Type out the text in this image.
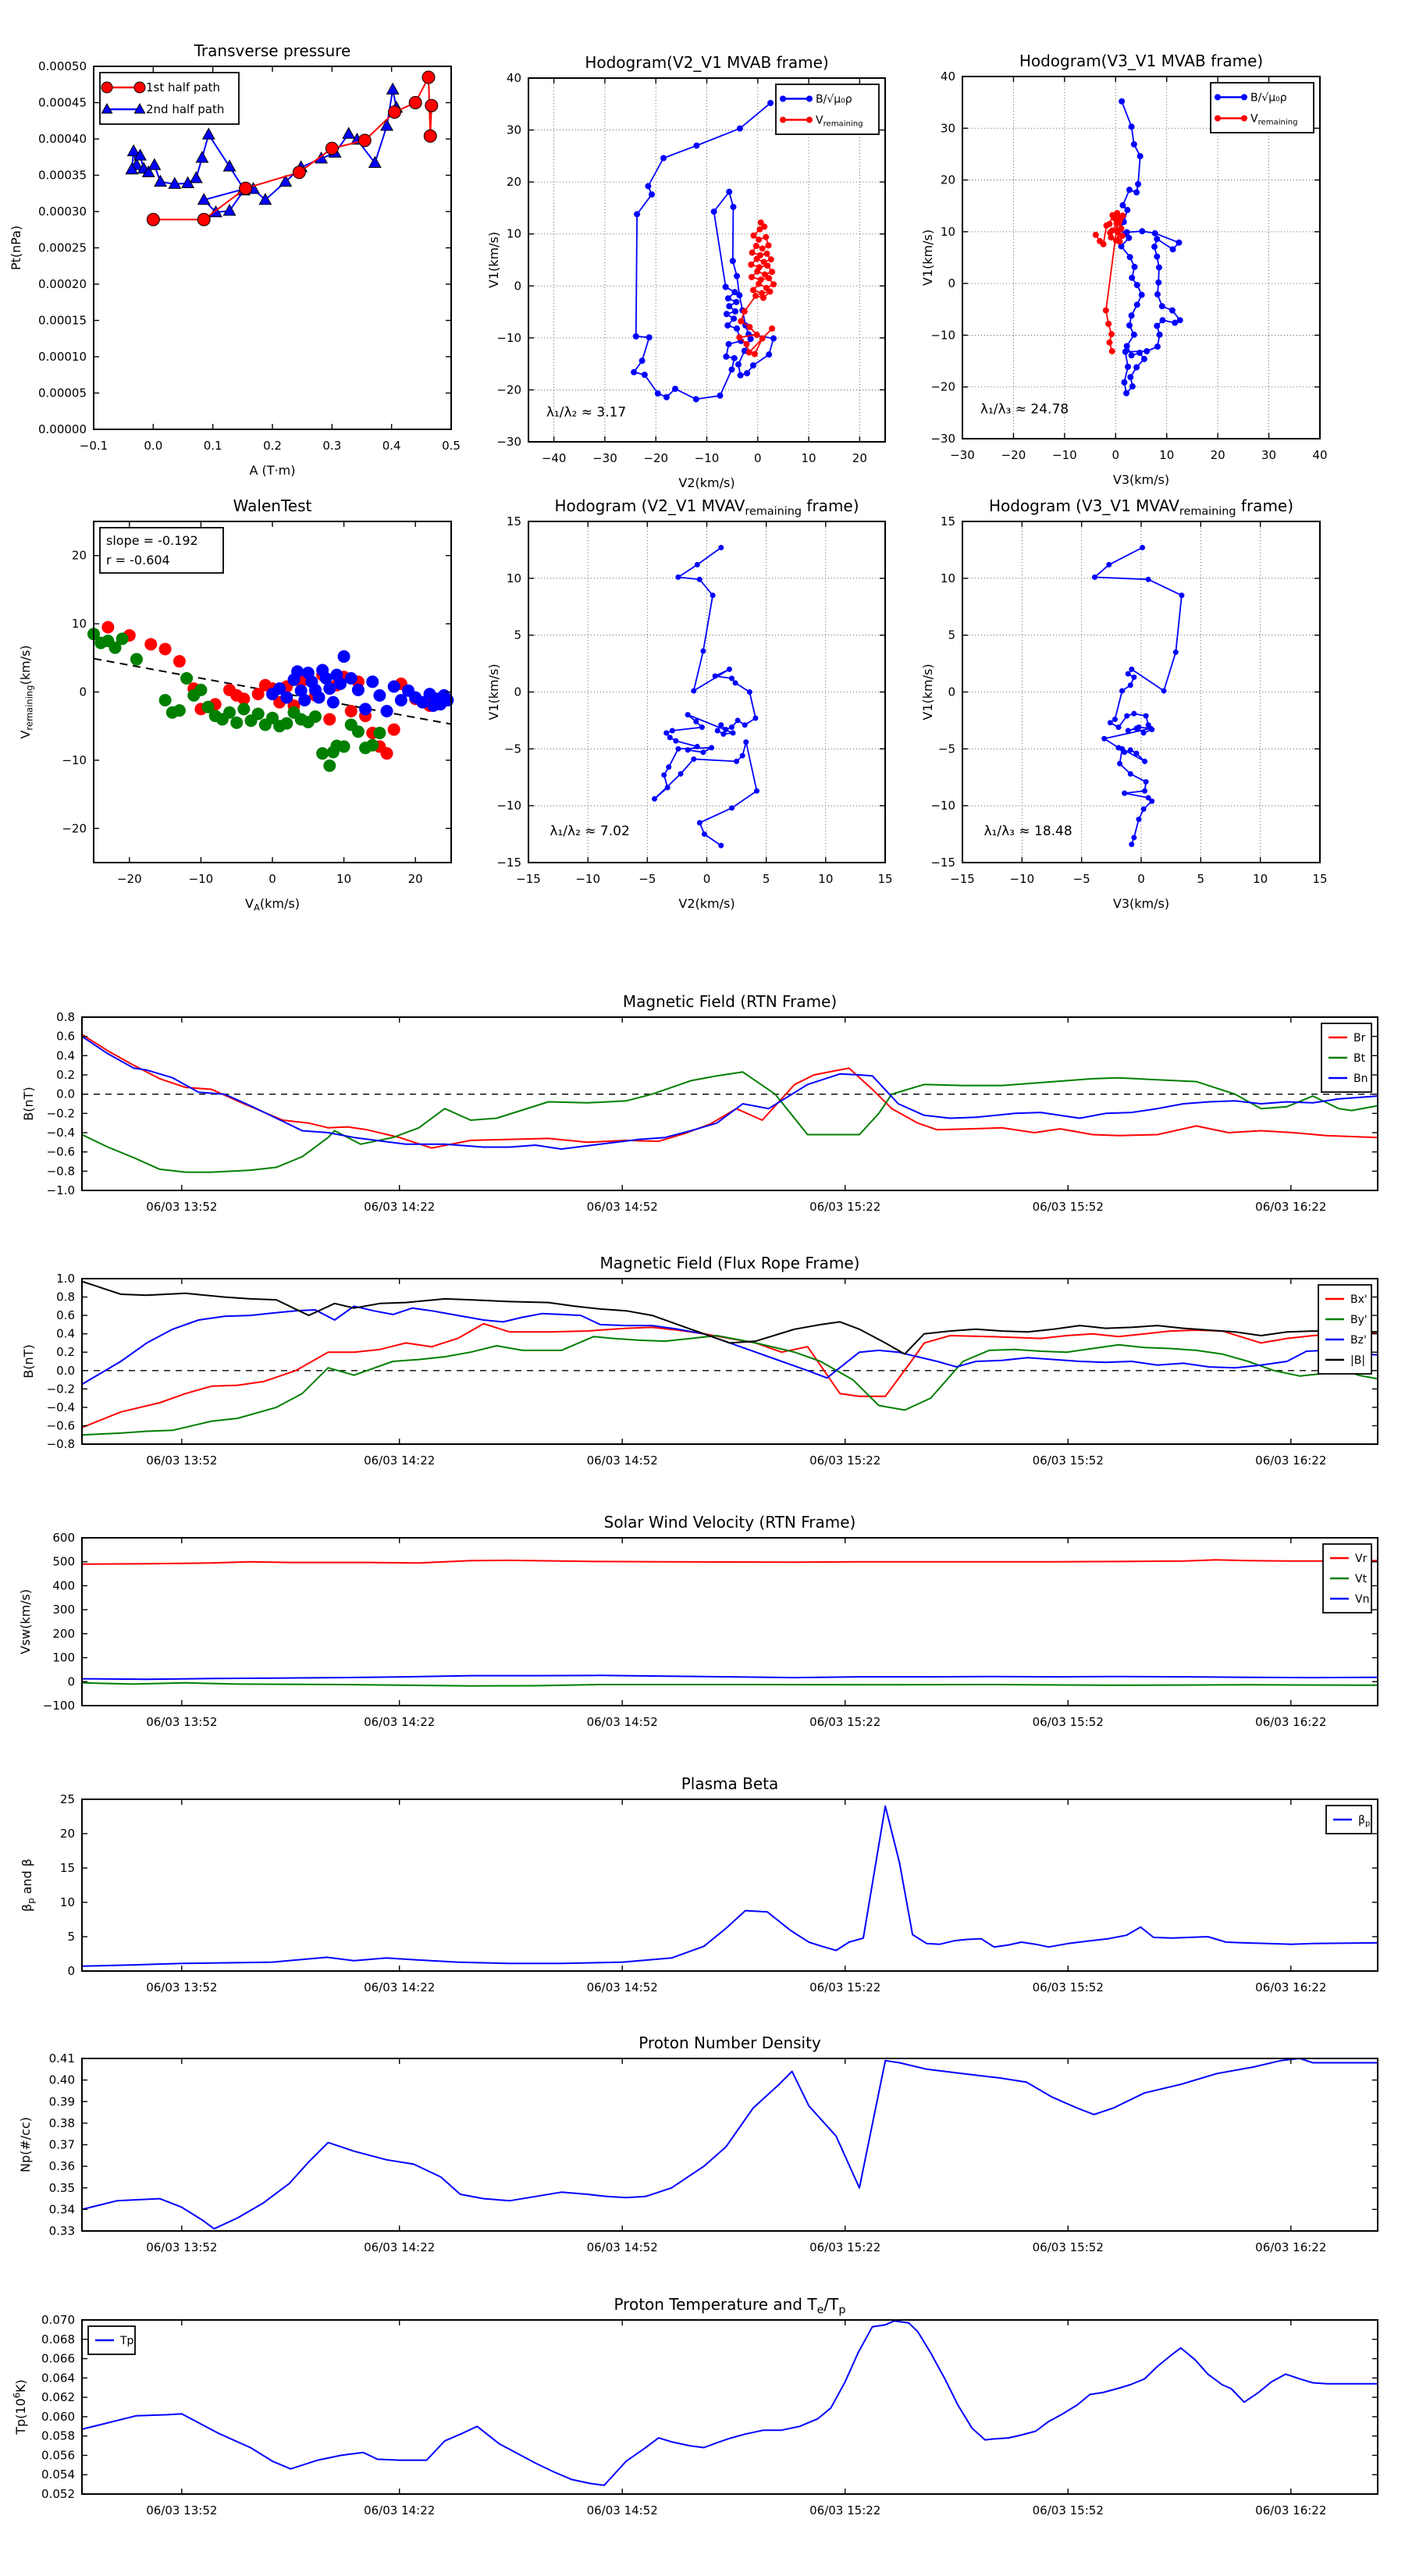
−0.1	0.0	0.1	0.2	0.3	0.4	0.5
0.00000
0.00005
0.00010
0.00015
0.00020
0.00025
0.00030
0.00035
0.00040
0.00045
0.00050
Transverse pressure
A (T·m)
Pt(nPa)
1st half path
2nd half path
−40 −30 −20 −10	0	10	20
−30
−20
−10
0
10
20
30
40
Hodogram(V2_V1 MVAB frame)
V2(km/s)
V1(km/s)
λ₁/λ₂ ≈ 3.17
B/√μ₀ρ
$V_{remaining}$
−30 −20 −10	0	10	20	30	40
−30
−20
−10
0
10
20
30
40
Hodogram(V3_V1 MVAB frame)
V3(km/s)
V1(km/s)
λ₁/λ₃ ≈ 24.78
B/√μ₀ρ
$V_{remaining}$
−20	−10	0	10	20
−20
−10
0
10
20
WalenTest
$V_A(km/s)$
$V_{remaining}(km/s)$
slope = -0.192
r = -0.604
−15	−10	−5	0	5	10	15
−15
−10
−5
0
5
10
15
Hodogram (V2_V1 $MVAV_{remaining}$ frame)
V2(km/s)
V1(km/s)
λ₁/λ₂ ≈ 7.02
−15	−10	−5	0	5	10	15
−15
−10
−5
0
5
10
15
Hodogram (V3_V1 $MVAV_{remaining}$ frame)
V3(km/s)
V1(km/s)
λ₁/λ₃ ≈ 18.48
06/03 13:52	06/03 14:22	06/03 14:52	06/03 15:22	06/03 15:52	06/03 16:22
−1.0
−0.8
−0.6
−0.4
−0.2
0.0
0.2
0.4
0.6
0.8
Magnetic Field (RTN Frame)
B(nT)
Br
Bt
Bn
06/03 13:52	06/03 14:22	06/03 14:52	06/03 15:22	06/03 15:52	06/03 16:22
−0.8
−0.6
−0.4
−0.2
0.0
0.2
0.4
0.6
0.8
1.0
Magnetic Field (Flux Rope Frame)
B(nT)
Bx'
By'
Bz'
|B|
06/03 13:52	06/03 14:22	06/03 14:52	06/03 15:22	06/03 15:52	06/03 16:22
−100
0
100
200
300
400
500
600
Solar Wind Velocity (RTN Frame)
Vsw(km/s)
Vr
Vt
Vn
06/03 13:52	06/03 14:22	06/03 14:52	06/03 15:22	06/03 15:52	06/03 16:22
0
5
10
15
20
25
Plasma Beta
$\beta_p$ and β
$\beta_p$
06/03 13:52	06/03 14:22	06/03 14:52	06/03 15:22	06/03 15:52	06/03 16:22
0.33
0.34
0.35
0.36
0.37
0.38
0.39
0.40
0.41
Proton Number Density
Np(#/cc)
06/03 13:52	06/03 14:22	06/03 14:52	06/03 15:22	06/03 15:52	06/03 16:22
0.052
0.054
0.056
0.058
0.060
0.062
0.064
0.066
0.068
0.070
Proton Temperature and $T_e/T_p$
$Tp(10^6K)$
Tp
